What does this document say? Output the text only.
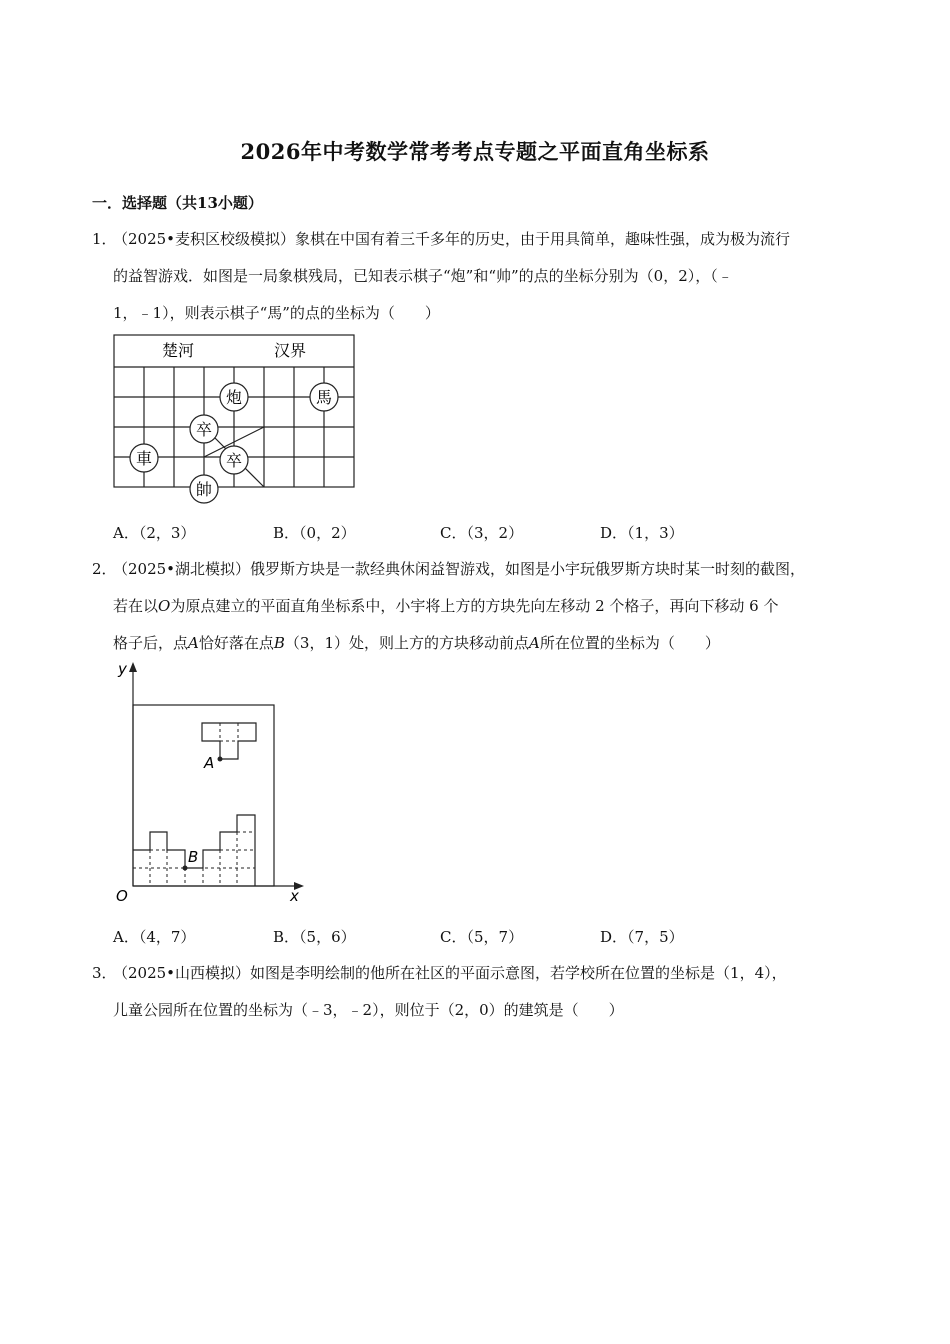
2026年中考数学常考考点专题之平面直角坐标系
一．选择题（共13小题）
1．
（2025•麦积区校级模拟）象棋在中国有着三千多年的历史，由于用具简单，趣味性强，成为极为流行
的益智游戏．如图是一局象棋残局，已知表示棋子“炮”和“帅”的点的坐标分别为（0，2），（﹣
1，﹣1），则表示棋子“馬”的点的坐标为（　　）
楚河	汉界
炮	馬
卒
卒
車
帥
A．（2，3）	B．（0，2）	C．（3，2）	D．（1，3）
2．
（2025•湖北模拟）俄罗斯方块是一款经典休闲益智游戏，如图是小宇玩俄罗斯方块时某一时刻的截图，
若在以O为原点建立的平面直角坐标系中，小宇将上方的方块先向左移动 2 个格子，再向下移动 6 个
格子后，点A恰好落在点B（3，1）处，则上方的方块移动前点A所在位置的坐标为（　　）
y
x
O
A
B
A．（4，7）	B．（5，6）	C．（5，7）	D．（7，5）
3．
（2025•山西模拟）如图是李明绘制的他所在社区的平面示意图，若学校所在位置的坐标是（1，4），
儿童公园所在位置的坐标为（﹣3，﹣2），则位于（2，0）的建筑是（　　）
